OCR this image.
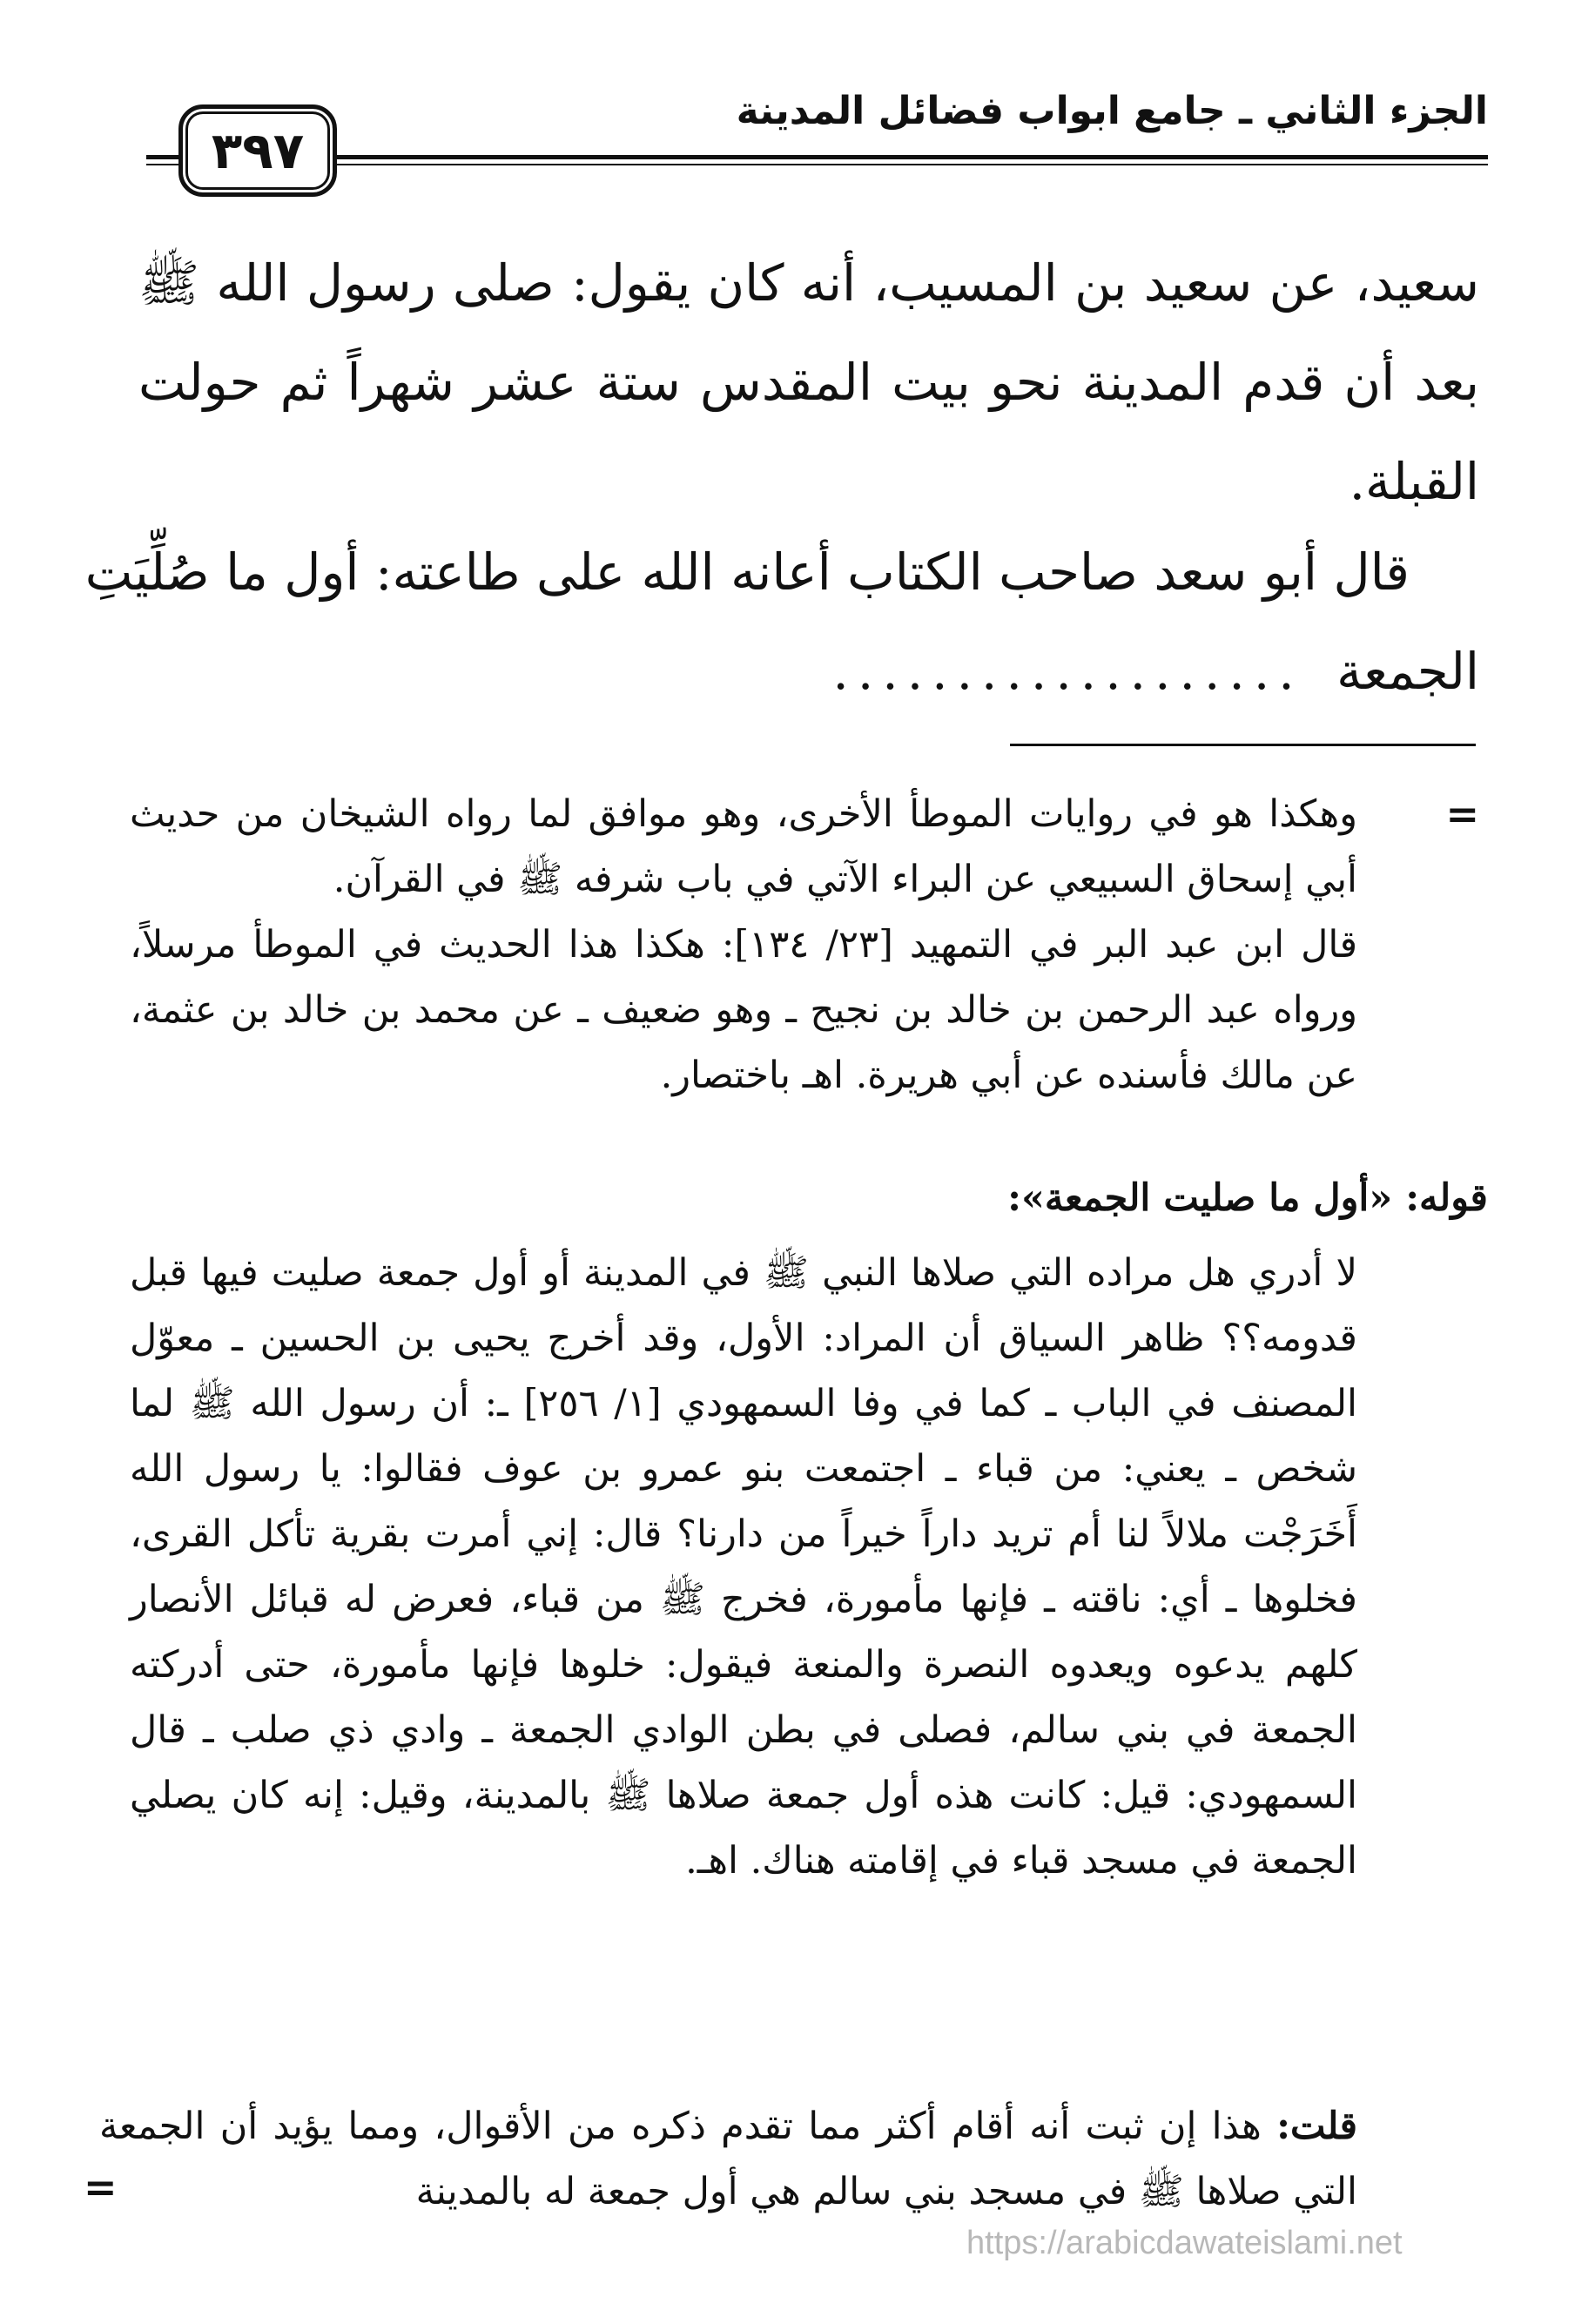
الجزء الثاني ـ جامع ابواب فضائل المدينة
٣٩٧

سعيد، عن سعيد بن المسيب، أنه كان يقول: صلى رسول الله ﷺ بعد أن قدم المدينة نحو بيت المقدس ستة عشر شهراً ثم حولت القبلة.

قال أبو سعد صاحب الكتاب أعانه الله على طاعته: أول ما صُلِّيَتِ
الجمعة ...................
=

وهكذا هو في روايات الموطأ الأخرى، وهو موافق لما رواه الشيخان من حديث أبي إسحاق السبيعي عن البراء الآتي في باب شرفه ﷺ في القرآن.

قال ابن عبد البر في التمهيد [٢٣/ ١٣٤]: هكذا هذا الحديث في الموطأ مرسلاً، ورواه عبد الرحمن بن خالد بن نجيح ـ وهو ضعيف ـ عن محمد بن خالد بن عثمة، عن مالك فأسنده عن أبي هريرة. اهـ باختصار.

قوله: «أول ما صليت الجمعة»:

لا أدري هل مراده التي صلاها النبي ﷺ في المدينة أو أول جمعة صليت فيها قبل قدومه؟؟ ظاهر السياق أن المراد: الأول، وقد أخرج يحيى بن الحسين ـ معوّل المصنف في الباب ـ كما في وفا السمهودي [١/ ٢٥٦] ـ: أن رسول الله ﷺ لما شخص ـ يعني: من قباء ـ اجتمعت بنو عمرو بن عوف فقالوا: يا رسول الله أَخَرَجْت ملالاً لنا أم تريد داراً خيراً من دارنا؟ قال: إني أمرت بقرية تأكل القرى، فخلوها ـ أي: ناقته ـ فإنها مأمورة، فخرج ﷺ من قباء، فعرض له قبائل الأنصار كلهم يدعوه ويعدوه النصرة والمنعة فيقول: خلوها فإنها مأمورة، حتى أدركته الجمعة في بني سالم، فصلى في بطن الوادي الجمعة ـ وادي ذي صلب ـ قال السمهودي: قيل: كانت هذه أول جمعة صلاها ﷺ بالمدينة، وقيل: إنه كان يصلي الجمعة في مسجد قباء في إقامته هناك. اهـ.

قلت: هذا إن ثبت أنه أقام أكثر مما تقدم ذكره من الأقوال، ومما يؤيد أن الجمعة التي صلاها ﷺ في مسجد بني سالم هي أول جمعة له بالمدينة
=
https://arabicdawateislami.net
